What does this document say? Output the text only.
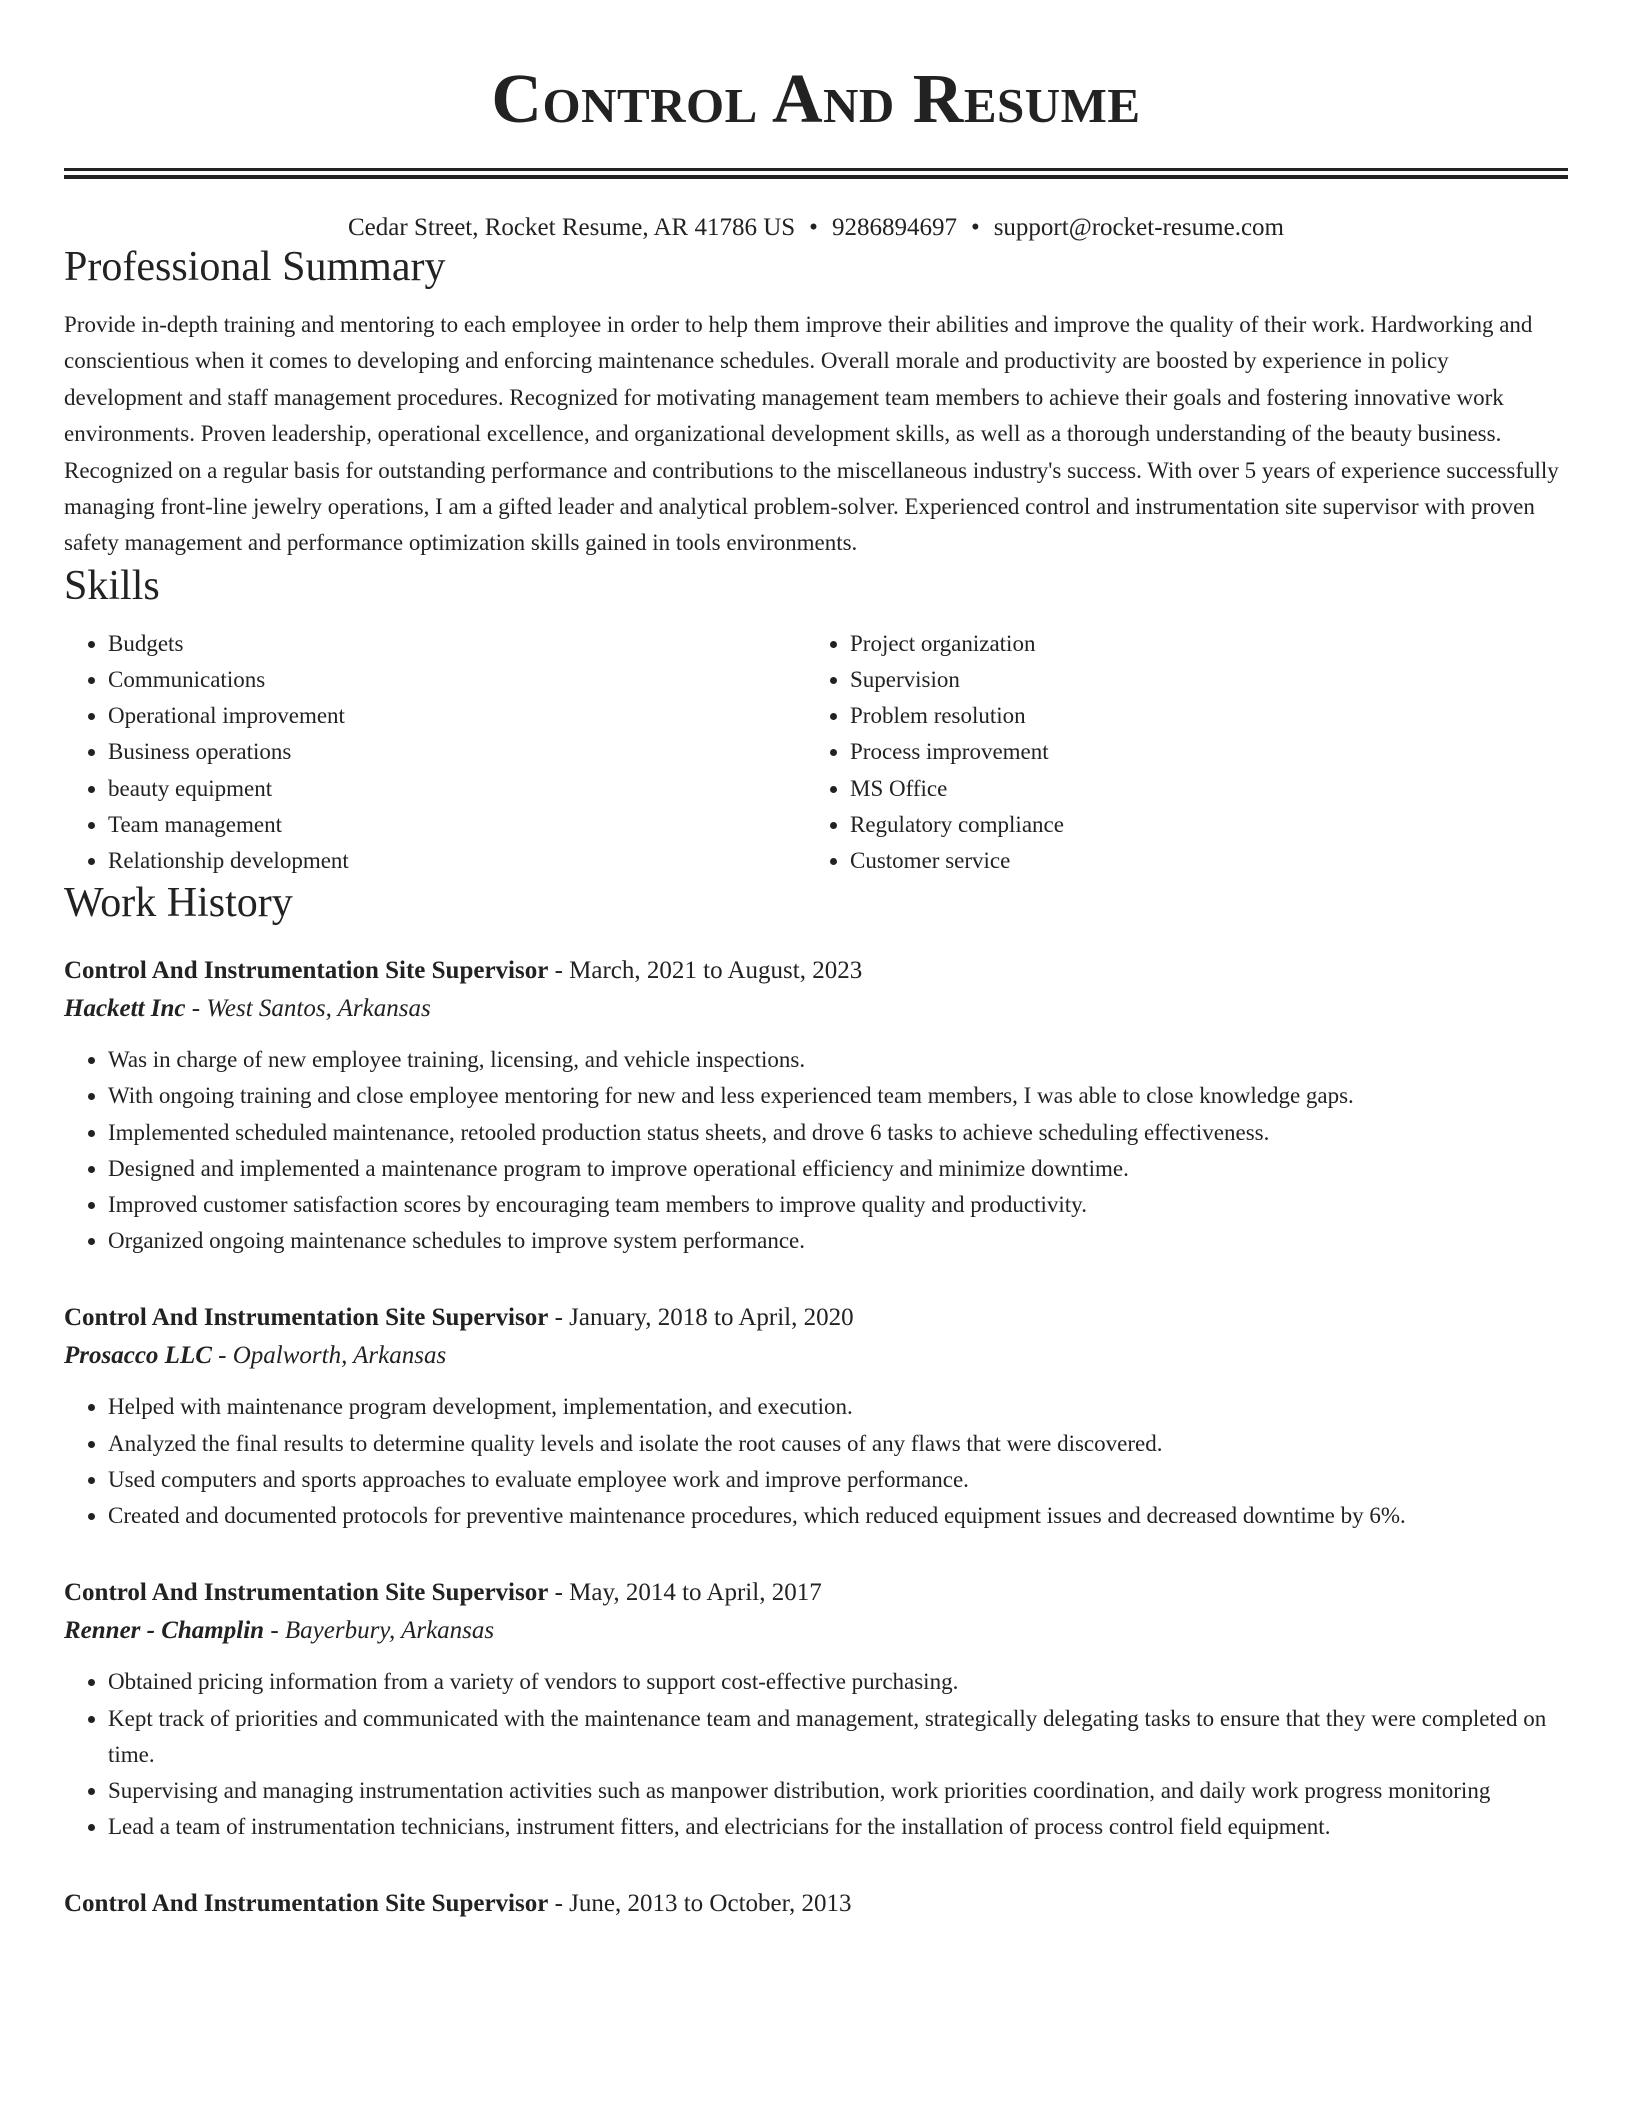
Control And Resume
Cedar Street, Rocket Resume, AR 41786 US • 9286894697 • support@rocket-resume.com
Professional Summary

Provide in-depth training and mentoring to each employee in order to help them improve their abilities and improve the quality of their work. Hardworking and conscientious when it comes to developing and enforcing maintenance schedules. Overall morale and productivity are boosted by experience in policy development and staff management procedures. Recognized for motivating management team members to achieve their goals and fostering innovative work environments. Proven leadership, operational excellence, and organizational development skills, as well as a thorough understanding of the beauty business. Recognized on a regular basis for outstanding performance and contributions to the miscellaneous industry's success. With over 5 years of experience successfully managing front-line jewelry operations, I am a gifted leader and analytical problem-solver. Experienced control and instrumentation site supervisor with proven safety management and performance optimization skills gained in tools environments.

Skills
• Budgets
• Communications
• Operational improvement
• Business operations
• beauty equipment
• Team management
• Relationship development
• Project organization
• Supervision
• Problem resolution
• Process improvement
• MS Office
• Regulatory compliance
• Customer service
Work History
Control And Instrumentation Site Supervisor - March, 2021 to August, 2023
Hackett Inc - West Santos, Arkansas
• Was in charge of new employee training, licensing, and vehicle inspections.
• With ongoing training and close employee mentoring for new and less experienced team members, I was able to close knowledge gaps.
• Implemented scheduled maintenance, retooled production status sheets, and drove 6 tasks to achieve scheduling effectiveness.
• Designed and implemented a maintenance program to improve operational efficiency and minimize downtime.
• Improved customer satisfaction scores by encouraging team members to improve quality and productivity.
• Organized ongoing maintenance schedules to improve system performance.
Control And Instrumentation Site Supervisor - January, 2018 to April, 2020
Prosacco LLC - Opalworth, Arkansas
• Helped with maintenance program development, implementation, and execution.
• Analyzed the final results to determine quality levels and isolate the root causes of any flaws that were discovered.
• Used computers and sports approaches to evaluate employee work and improve performance.
• Created and documented protocols for preventive maintenance procedures, which reduced equipment issues and decreased downtime by 6%.
Control And Instrumentation Site Supervisor - May, 2014 to April, 2017
Renner - Champlin - Bayerbury, Arkansas
• Obtained pricing information from a variety of vendors to support cost-effective purchasing.
• Kept track of priorities and communicated with the maintenance team and management, strategically delegating tasks to ensure that they were completed on time.
• Supervising and managing instrumentation activities such as manpower distribution, work priorities coordination, and daily work progress monitoring
• Lead a team of instrumentation technicians, instrument fitters, and electricians for the installation of process control field equipment.
Control And Instrumentation Site Supervisor - June, 2013 to October, 2013
